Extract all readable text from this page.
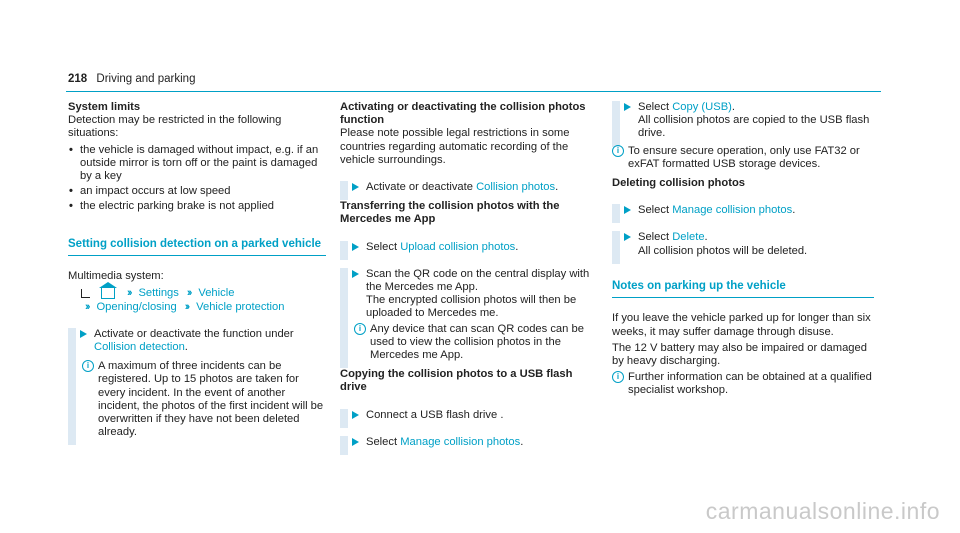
218 Driving and parking

System limits

Detection may be restricted in the following situations:

• the vehicle is damaged without impact, e.g. if an outside mirror is torn off or the paint is damaged by a key
• an impact occurs at low speed
• the electric parking brake is not applied

Setting collision detection on a parked vehicle

Multimedia system:

›› Settings ›› Vehicle
›› Opening/closing ›› Vehicle protection

Activate or deactivate the function under Collision detection.

i A maximum of three incidents can be registered. Up to 15 photos are taken for every incident. In the event of another incident, the photos of the first incident will be overwritten if they have not been deleted already.

Activating or deactivating the collision photos function

Please note possible legal restrictions in some countries regarding automatic recording of the vehicle surroundings.

Activate or deactivate Collision photos.

Transferring the collision photos with the Mercedes me App

Select Upload collision photos.

Scan the QR code on the central display with the Mercedes me App.

The encrypted collision photos will then be uploaded to Mercedes me.

i Any device that can scan QR codes can be used to view the collision photos in the Mercedes me App.

Copying the collision photos to a USB flash drive

Connect a USB flash drive .

Select Manage collision photos.

Select Copy (USB).

All collision photos are copied to the USB flash drive.

i To ensure secure operation, only use FAT32 or exFAT formatted USB storage devices.

Deleting collision photos

Select Manage collision photos.

Select Delete.

All collision photos will be deleted.

Notes on parking up the vehicle

If you leave the vehicle parked up for longer than six weeks, it may suffer damage through disuse.

The 12 V battery may also be impaired or damaged by heavy discharging.

i Further information can be obtained at a qualified specialist workshop.

carmanualsonline.info
